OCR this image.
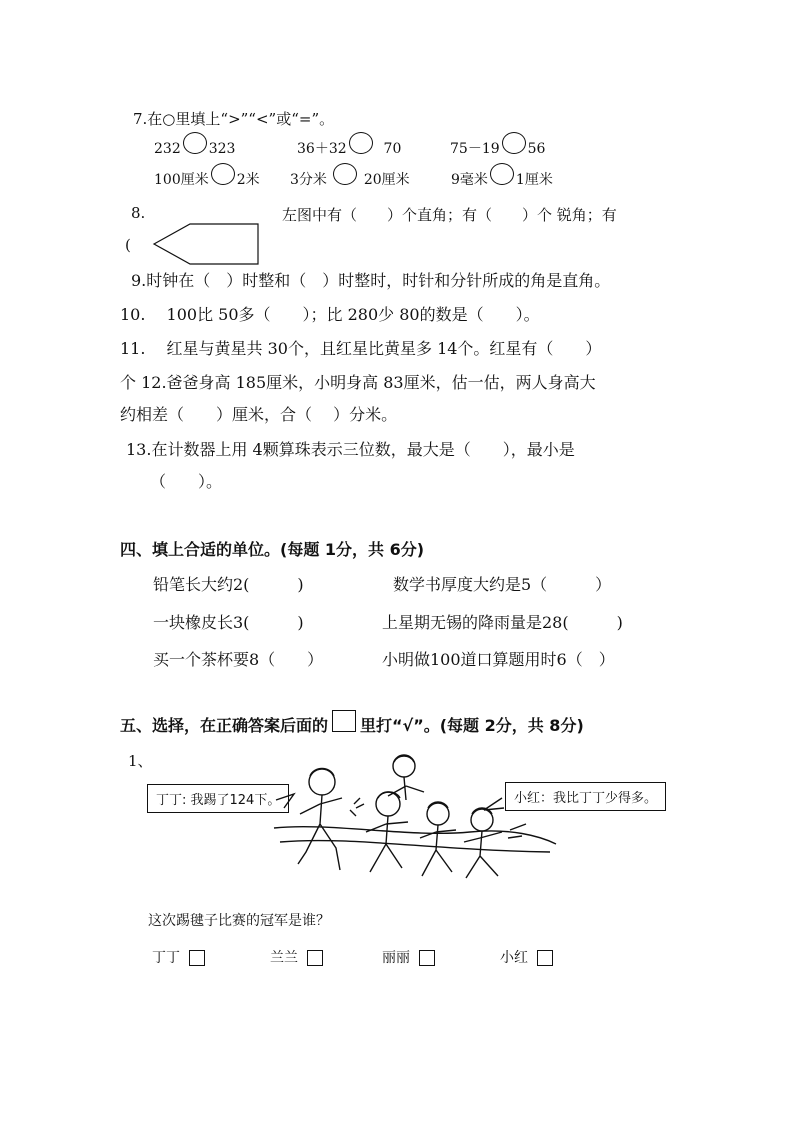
7.在○里填上“>”“<”或“=”。
232 323	36＋32	70	75－19 56
100厘米 2米 3分米	20厘米	9毫米 1厘米
8.	左图中有（　　）个直角；有（　　）个 锐角；有
(
9.时钟在（　）时整和（　）时整时，时针和分针所成的角是直角。
10.　 100比 50多（　　）；比 280少 80的数是（　　）。
11.　 红星与黄星共 30个，且红星比黄星多 14个。红星有（　　）
个 12.爸爸身高 185厘米，小明身高 83厘米，估一估，两人身高大
约相差（　　）厘米，合（　 ）分米。
13.在计数器上用 4颗算珠表示三位数，最大是（　　），最小是
（　　）。
四、填上合适的单位。(每题 1分，共 6分)
铅笔长大约2(　　　)	数学书厚度大约是5（　　　）
一块橡皮长3(　　　)	上星期无锡的降雨量是28(　　　)
买一个茶杯要8（　　）	小明做100道口算题用时6（　）
五、选择，在正确答案后面的 里打“√”。(每题 2分，共 8分)
1、
丁丁: 我踢了124下。	小红：我比丁丁少得多。
这次踢毽子比赛的冠军是谁？
丁丁	兰兰	丽丽	小红
